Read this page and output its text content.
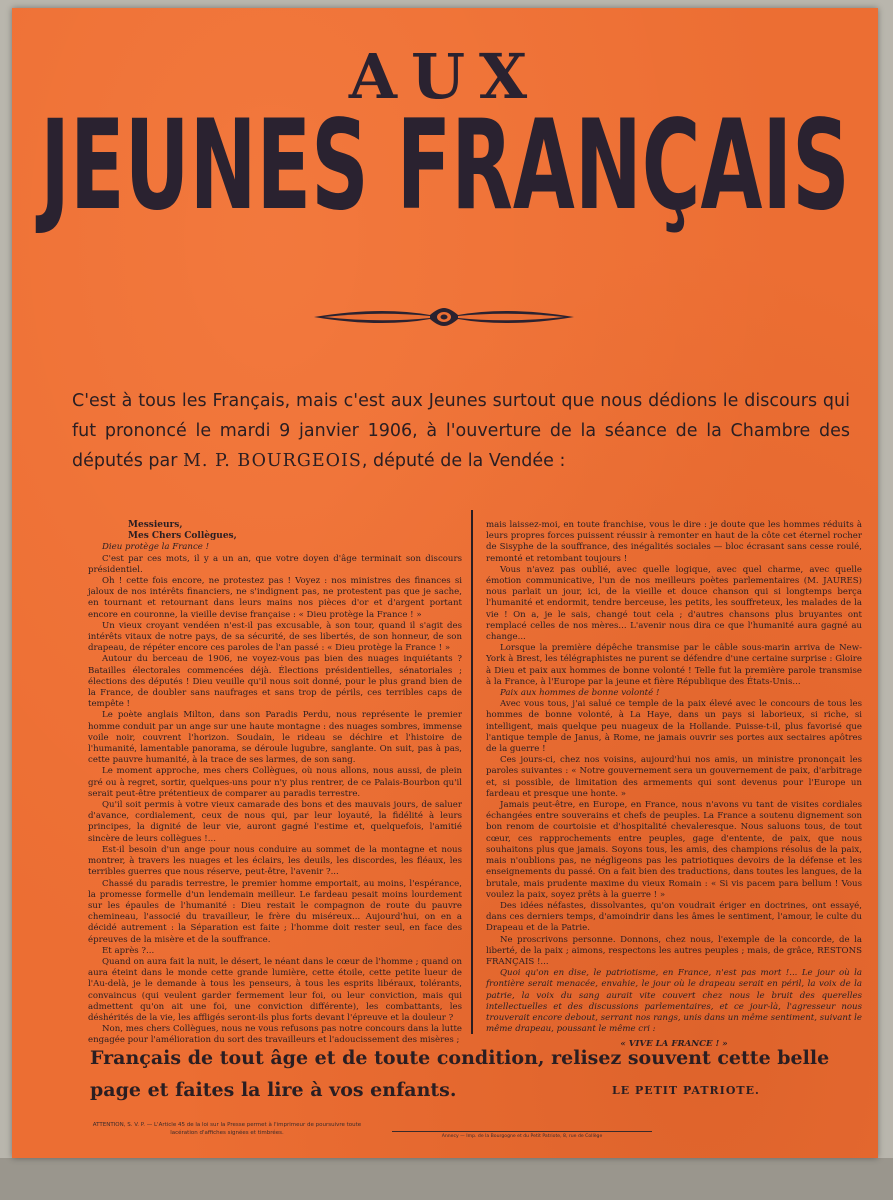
AUX
JEUNES FRANÇAIS
C'est à tous les Français, mais c'est aux Jeunes surtout que nous dédions le discours qui fut prononcé le mardi 9 janvier 1906, à l'ouverture de la séance de la Chambre des députés par M. P. BOURGEOIS, député de la Vendée :
Messieurs,
Mes Chers Collègues,

Dieu protège la France !

C'est par ces mots, il y a un an, que votre doyen d'âge terminait son discours présidentiel.

Oh ! cette fois encore, ne protestez pas ! Voyez : nos ministres des finances si jaloux de nos intérêts financiers, ne s'indignent pas, ne protestent pas que je sache, en tournant et retournant dans leurs mains nos pièces d'or et d'argent portant encore en couronne, la vieille devise française : « Dieu protège la France ! »

Un vieux croyant vendéen n'est-il pas excusable, à son tour, quand il s'agit des intérêts vitaux de notre pays, de sa sécurité, de ses libertés, de son honneur, de son drapeau, de répéter encore ces paroles de l'an passé : « Dieu protège la France ! »

Autour du berceau de 1906, ne voyez-vous pas bien des nuages inquiétants ? Batailles électorales commencées déjà. Élections présidentielles, sénatoriales ; élections des députés ! Dieu veuille qu'il nous soit donné, pour le plus grand bien de la France, de doubler sans naufrages et sans trop de périls, ces terribles caps de tempête !

Le poète anglais Milton, dans son Paradis Perdu, nous représente le premier homme conduit par un ange sur une haute montagne : des nuages sombres, immense voile noir, couvrent l'horizon. Soudain, le rideau se déchire et l'histoire de l'humanité, lamentable panorama, se déroule lugubre, sanglante. On suit, pas à pas, cette pauvre humanité, à la trace de ses larmes, de son sang.

Le moment approche, mes chers Collègues, où nous allons, nous aussi, de plein gré ou à regret, sortir, quelques-uns pour n'y plus rentrer, de ce Palais-Bourbon qu'il serait peut-être prétentieux de comparer au paradis terrestre.

Qu'il soit permis à votre vieux camarade des bons et des mauvais jours, de saluer d'avance, cordialement, ceux de nous qui, par leur loyauté, la fidélité à leurs principes, la dignité de leur vie, auront gagné l'estime et, quelquefois, l'amitié sincère de leurs collègues !...

Est-il besoin d'un ange pour nous conduire au sommet de la montagne et nous montrer, à travers les nuages et les éclairs, les deuils, les discordes, les fléaux, les terribles guerres que nous réserve, peut-être, l'avenir ?...

Chassé du paradis terrestre, le premier homme emportait, au moins, l'espérance, la promesse formelle d'un lendemain meilleur. Le fardeau pesait moins lourdement sur les épaules de l'humanité : Dieu restait le compagnon de route du pauvre chemineau, l'associé du travailleur, le frère du miséreux... Aujourd'hui, on en a décidé autrement : la Séparation est faite ; l'homme doit rester seul, en face des épreuves de la misère et de la souffrance.

Et après ?...

Quand on aura fait la nuit, le désert, le néant dans le cœur de l'homme ; quand on aura éteint dans le monde cette grande lumière, cette étoile, cette petite lueur de l'Au-delà, je le demande à tous les penseurs, à tous les esprits libéraux, tolérants, convaincus (qui veulent garder fermement leur foi, ou leur conviction, mais qui admettent qu'on ait une foi, une conviction différente), les combattants, les déshérités de la vie, les affligés seront-ils plus forts devant l'épreuve et la douleur ?

Non, mes chers Collègues, nous ne vous refusons pas notre concours dans la lutte engagée pour l'amélioration du sort des travailleurs et l'adoucissement des misères ;

mais laissez-moi, en toute franchise, vous le dire : je doute que les hommes réduits à leurs propres forces puissent réussir à remonter en haut de la côte cet éternel rocher de Sisyphe de la souffrance, des inégalités sociales — bloc écrasant sans cesse roulé, remonté et retombant toujours !

Vous n'avez pas oublié, avec quelle logique, avec quel charme, avec quelle émotion communicative, l'un de nos meilleurs poètes parlementaires (M. JAURES) nous parlait un jour, ici, de la vieille et douce chanson qui si longtemps berça l'humanité et endormit, tendre berceuse, les petits, les souffreteux, les malades de la vie ! On a, je le sais, changé tout cela ; d'autres chansons plus bruyantes ont remplacé celles de nos mères... L'avenir nous dira ce que l'humanité aura gagné au change...

Lorsque la première dépêche transmise par le câble sous-marin arriva de New-York à Brest, les télégraphistes ne purent se défendre d'une certaine surprise : Gloire à Dieu et paix aux hommes de bonne volonté ! Telle fut la première parole transmise à la France, à l'Europe par la jeune et fière République des États-Unis...

Paix aux hommes de bonne volonté !

Avec vous tous, j'ai salué ce temple de la paix élevé avec le concours de tous les hommes de bonne volonté, à La Haye, dans un pays si laborieux, si riche, si intelligent, mais quelque peu nuageux de la Hollande. Puisse-t-il, plus favorisé que l'antique temple de Janus, à Rome, ne jamais ouvrir ses portes aux sectaires apôtres de la guerre !

Ces jours-ci, chez nos voisins, aujourd'hui nos amis, un ministre prononçait les paroles suivantes : « Notre gouvernement sera un gouvernement de paix, d'arbitrage et, si possible, de limitation des armements qui sont devenus pour l'Europe un fardeau et presque une honte. »

Jamais peut-être, en Europe, en France, nous n'avons vu tant de visites cordiales échangées entre souverains et chefs de peuples. La France a soutenu dignement son bon renom de courtoisie et d'hospitalité chevaleresque. Nous saluons tous, de tout cœur, ces rapprochements entre peuples, gage d'entente, de paix, que nous souhaitons plus que jamais. Soyons tous, les amis, des champions résolus de la paix, mais n'oublions pas, ne négligeons pas les patriotiques devoirs de la défense et les enseignements du passé. On a fait bien des traductions, dans toutes les langues, de la brutale, mais prudente maxime du vieux Romain : « Si vis pacem para bellum ! Vous voulez la paix, soyez prêts à la guerre ! »

Des idées néfastes, dissolvantes, qu'on voudrait ériger en doctrines, ont essayé, dans ces derniers temps, d'amoindrir dans les âmes le sentiment, l'amour, le culte du Drapeau et de la Patrie.

Ne proscrivons personne. Donnons, chez nous, l'exemple de la concorde, de la liberté, de la paix ; aimons, respectons les autres peuples ; mais, de grâce, RESTONS FRANÇAIS !...

Quoi qu'on en dise, le patriotisme, en France, n'est pas mort !... Le jour où la frontière serait menacée, envahie, le jour où le drapeau serait en péril, la voix de la patrie, la voix du sang aurait vite couvert chez nous le bruit des querelles intellectuelles et des discussions parlementaires, et ce jour-là, l'agresseur nous trouverait encore debout, serrant nos rangs, unis dans un même sentiment, suivant le même drapeau, poussant le même cri :

« VIVE LA FRANCE ! »
Français de tout âge et de toute condition, relisez souvent cette belle page et faites la lire à vos enfants.	LE PETIT PATRIOTE.
ATTENTION, S. V. P. — L'Article 45 de la loi sur la Presse permet à l'imprimeur de poursuivre toute lacération d'affiches signées et timbrées.
Annecy — Imp. de la Bourgogne et du Petit Patriote, 8, rue de Collège
